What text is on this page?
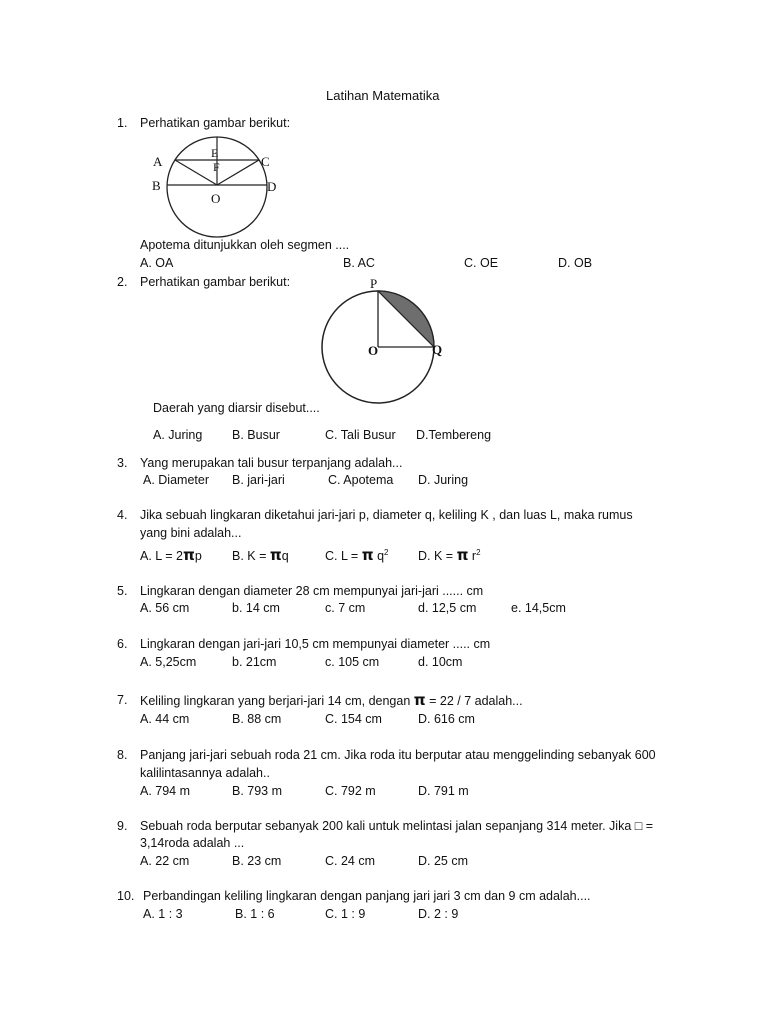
Latihan Matematika
1. Perhatikan gambar berikut:
A
B
C
D
E
F
O
Apotema ditunjukkan oleh segmen ....
A. OA	B. AC	C. OE	D. OB
2. Perhatikan gambar berikut:	P
O	Q
Daerah yang diarsir disebut....
A. Juring B. Busur	C. Tali Busur D.Tembereng
3. Yang merupakan tali busur terpanjang adalah...
A. Diameter B. jari-jari	C. Apotema D. Juring
4. Jika sebuah lingkaran diketahui jari-jari p, diameter q, keliling K , dan luas L, maka rumus
yang bini adalah...
A. L = 2πp B. K = πq	C. L = π $q^2$ D. K = π $r^2$
5. Lingkaran dengan diameter 28 cm mempunyai jari-jari ...... cm
A. 56 cm	b. 14 cm	c. 7 cm	d. 12,5 cm	e. 14,5cm
6. Lingkaran dengan jari-jari 10,5 cm mempunyai diameter ..... cm
A. 5,25cm	b. 21cm	c. 105 cm	d. 10cm
7. Keliling lingkaran yang berjari-jari 14 cm, dengan π = 22 / 7 adalah...
A. 44 cm	B. 88 cm	C. 154 cm	D. 616 cm
8. Panjang jari-jari sebuah roda 21 cm. Jika roda itu berputar atau menggelinding sebanyak 600
kalilintasannya adalah..
A. 794 m	B. 793 m	C. 792 m	D. 791 m
9. Sebuah roda berputar sebanyak 200 kali untuk melintasi jalan sepanjang 314 meter. Jika □ =
3,14roda adalah ...
A. 22 cm	B. 23 cm	C. 24 cm	D. 25 cm
10. Perbandingan keliling lingkaran dengan panjang jari jari 3 cm dan 9 cm adalah....
A. 1 : 3	B. 1 : 6	C. 1 : 9	D. 2 : 9
